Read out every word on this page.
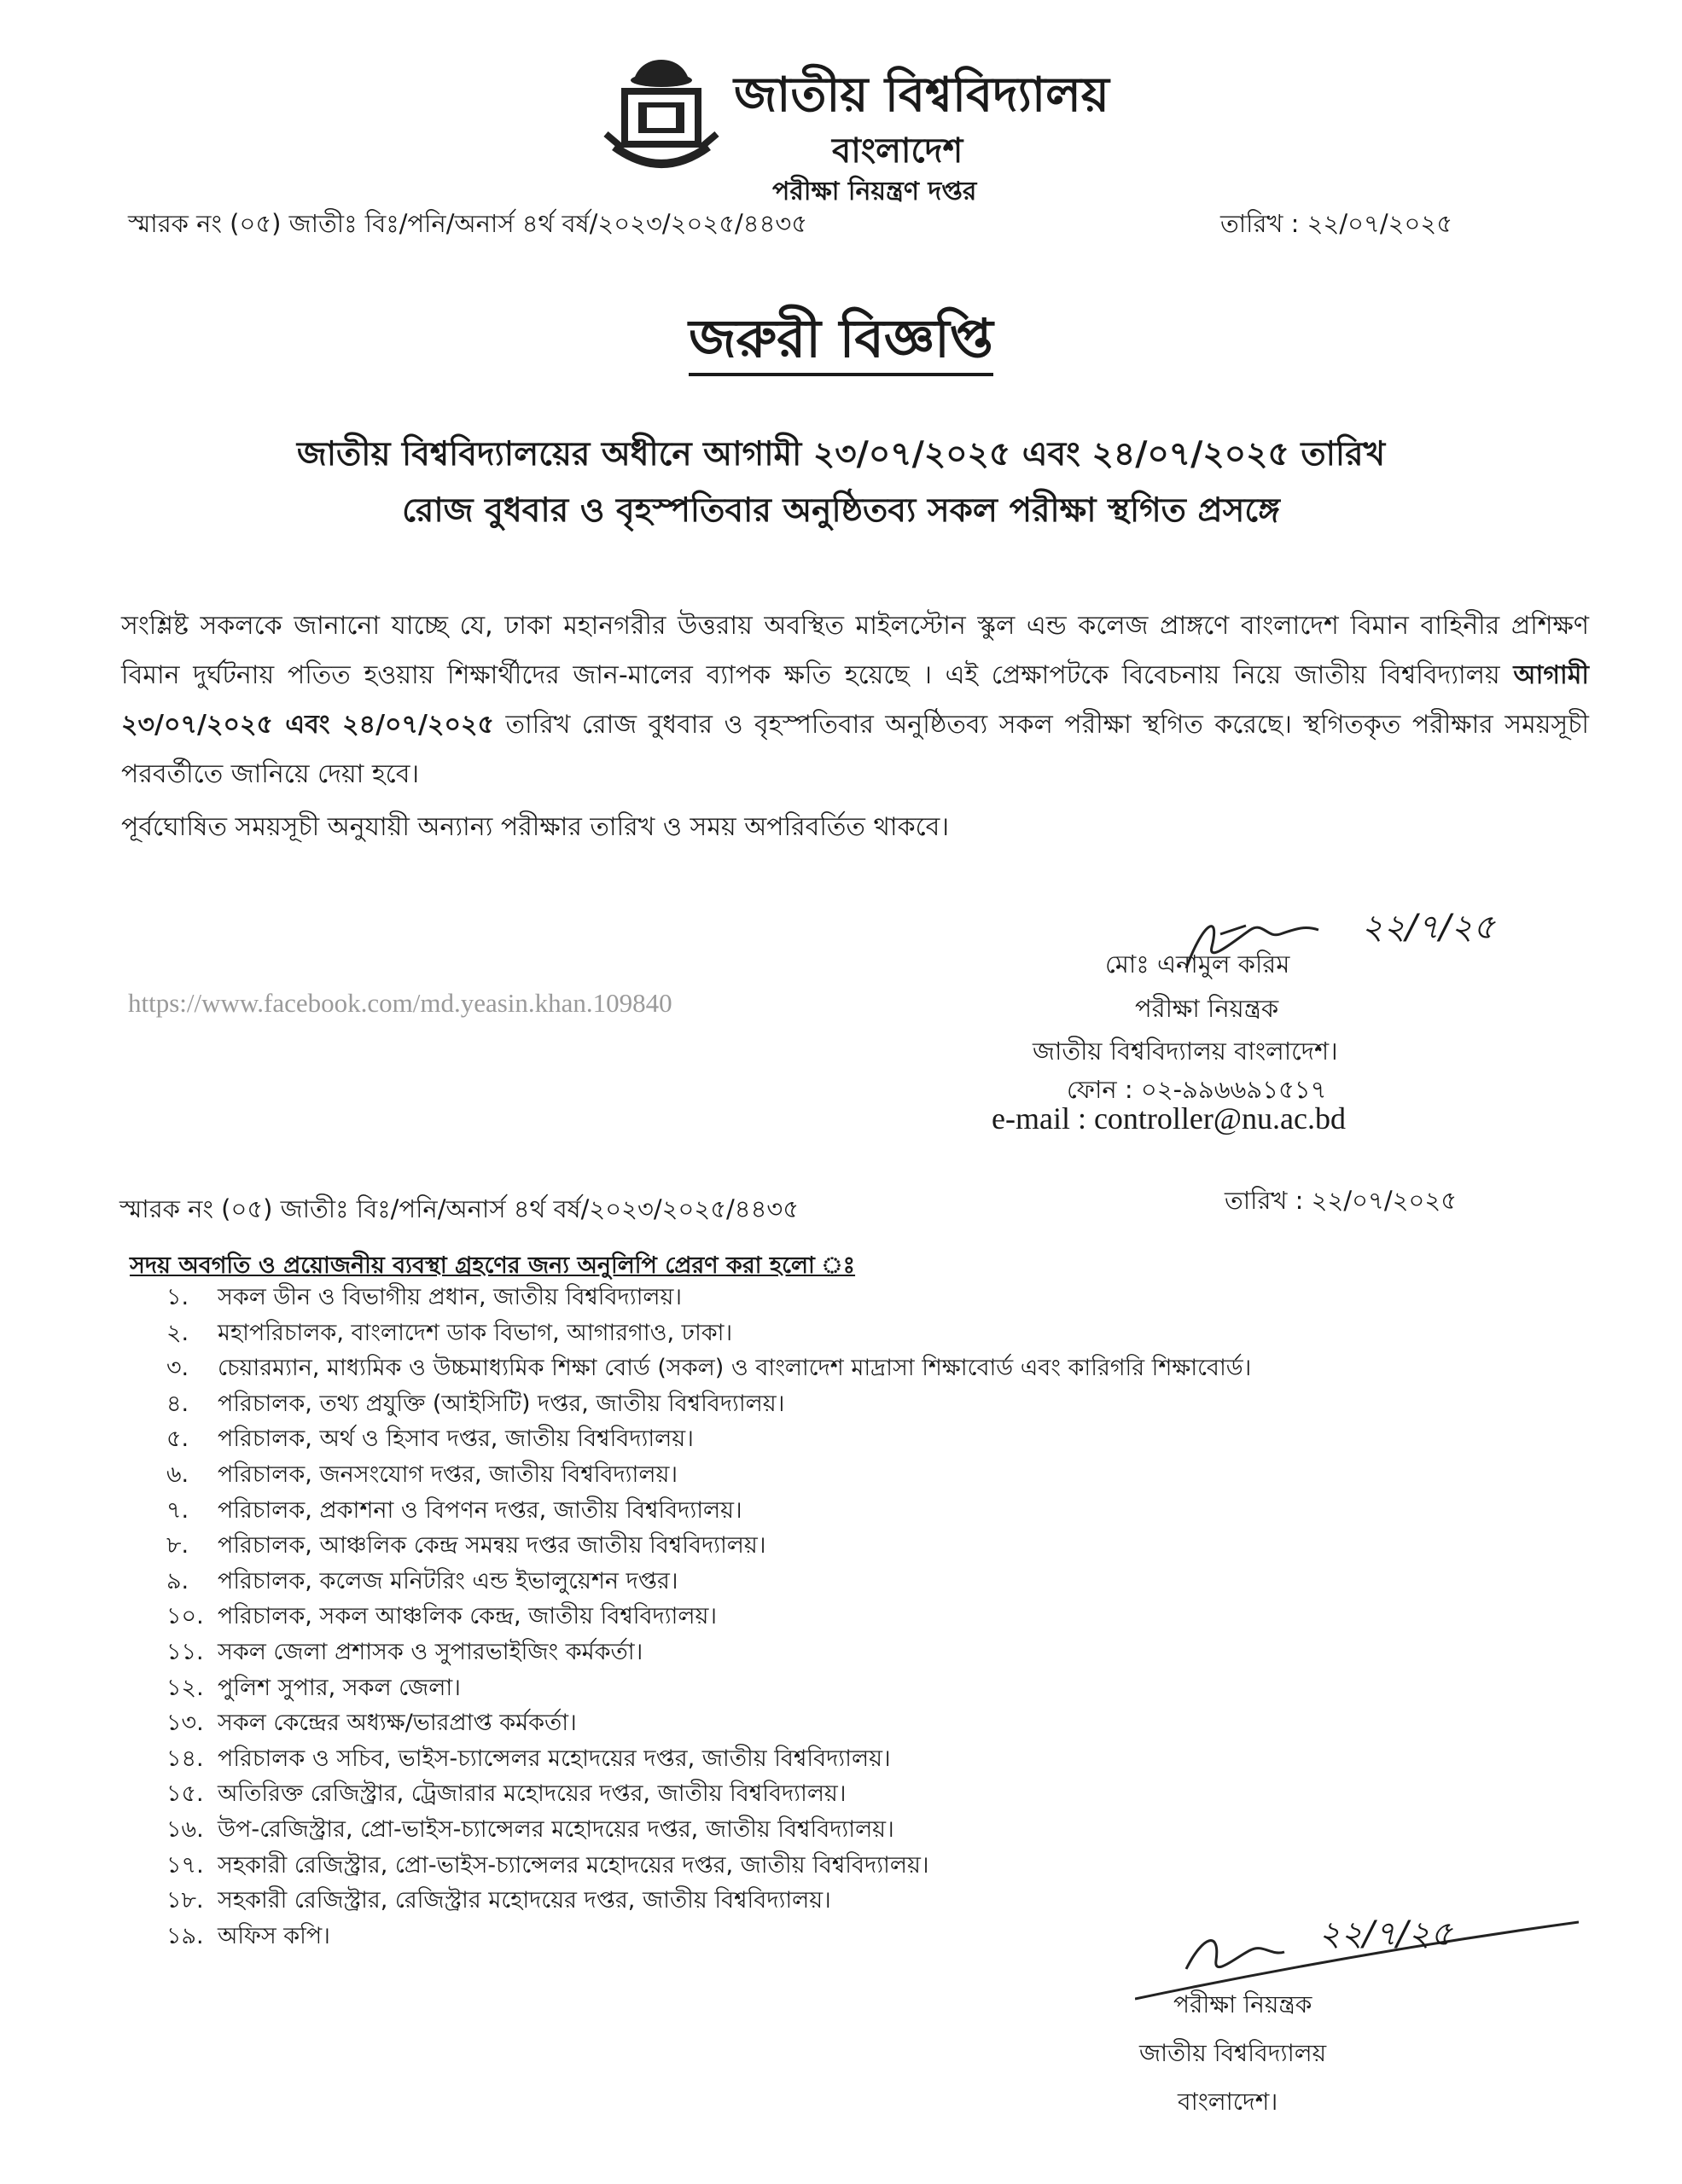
জাতীয় বিশ্ববিদ্যালয়
বাংলাদেশ
পরীক্ষা নিয়ন্ত্রণ দপ্তর
স্মারক নং (০৫) জাতীঃ বিঃ/পনি/অনার্স ৪র্থ বর্ষ/২০২৩/২০২৫/৪৪৩৫	তারিখ : ২২/০৭/২০২৫
জরুরী বিজ্ঞপ্তি
জাতীয় বিশ্ববিদ্যালয়ের অধীনে আগামী ২৩/০৭/২০২৫ এবং ২৪/০৭/২০২৫ তারিখ
রোজ বুধবার ও বৃহস্পতিবার অনুষ্ঠিতব্য সকল পরীক্ষা স্থগিত প্রসঙ্গে
সংশ্লিষ্ট সকলকে জানানো যাচ্ছে যে, ঢাকা মহানগরীর উত্তরায় অবস্থিত মাইলস্টোন স্কুল এন্ড কলেজ প্রাঙ্গণে বাংলাদেশ বিমান বাহিনীর প্রশিক্ষণ বিমান দুর্ঘটনায় পতিত হওয়ায় শিক্ষার্থীদের জান-মালের ব্যাপক ক্ষতি হয়েছে । এই প্রেক্ষাপটকে বিবেচনায় নিয়ে জাতীয় বিশ্ববিদ্যালয় আগামী ২৩/০৭/২০২৫ এবং ২৪/০৭/২০২৫ তারিখ রোজ বুধবার ও বৃহস্পতিবার অনুষ্ঠিতব্য সকল পরীক্ষা স্থগিত করেছে। স্থগিতকৃত পরীক্ষার সময়সূচী পরবর্তীতে জানিয়ে দেয়া হবে।
পূর্বঘোষিত সময়সূচী অনুযায়ী অন্যান্য পরীক্ষার তারিখ ও সময় অপরিবর্তিত থাকবে।
২২/৭/২৫
মোঃ এনামুল করিম
পরীক্ষা নিয়ন্ত্রক
জাতীয় বিশ্ববিদ্যালয় বাংলাদেশ।
ফোন : ০২-৯৯৬৬৯১৫১৭
e-mail : controller@nu.ac.bd
https://www.facebook.com/md.yeasin.khan.109840
স্মারক নং (০৫) জাতীঃ বিঃ/পনি/অনার্স ৪র্থ বর্ষ/২০২৩/২০২৫/৪৪৩৫	তারিখ : ২২/০৭/২০২৫
সদয় অবগতি ও প্রয়োজনীয় ব্যবস্থা গ্রহণের জন্য অনুলিপি প্রেরণ করা হলো ঃ
১. সকল ডীন ও বিভাগীয় প্রধান, জাতীয় বিশ্ববিদ্যালয়।
২. মহাপরিচালক, বাংলাদেশ ডাক বিভাগ, আগারগাও, ঢাকা।
৩. চেয়ারম্যান, মাধ্যমিক ও উচ্চমাধ্যমিক শিক্ষা বোর্ড (সকল) ও বাংলাদেশ মাদ্রাসা শিক্ষাবোর্ড এবং কারিগরি শিক্ষাবোর্ড।
৪. পরিচালক, তথ্য প্রযুক্তি (আইসিটি) দপ্তর, জাতীয় বিশ্ববিদ্যালয়।
৫. পরিচালক, অর্থ ও হিসাব দপ্তর, জাতীয় বিশ্ববিদ্যালয়।
৬. পরিচালক, জনসংযোগ দপ্তর, জাতীয় বিশ্ববিদ্যালয়।
৭. পরিচালক, প্রকাশনা ও বিপণন দপ্তর, জাতীয় বিশ্ববিদ্যালয়।
৮. পরিচালক, আঞ্চলিক কেন্দ্র সমন্বয় দপ্তর জাতীয় বিশ্ববিদ্যালয়।
৯. পরিচালক, কলেজ মনিটরিং এন্ড ইভালুয়েশন দপ্তর।
১০. পরিচালক, সকল আঞ্চলিক কেন্দ্র, জাতীয় বিশ্ববিদ্যালয়।
১১. সকল জেলা প্রশাসক ও সুপারভাইজিং কর্মকর্তা।
১২. পুলিশ সুপার, সকল জেলা।
১৩. সকল কেন্দ্রের অধ্যক্ষ/ভারপ্রাপ্ত কর্মকর্তা।
১৪. পরিচালক ও সচিব, ভাইস-চ্যান্সেলর মহোদয়ের দপ্তর, জাতীয় বিশ্ববিদ্যালয়।
১৫. অতিরিক্ত রেজিস্ট্রার, ট্রেজারার মহোদয়ের দপ্তর, জাতীয় বিশ্ববিদ্যালয়।
১৬. উপ-রেজিস্ট্রার, প্রো-ভাইস-চ্যান্সেলর মহোদয়ের দপ্তর, জাতীয় বিশ্ববিদ্যালয়।
১৭. সহকারী রেজিস্ট্রার, প্রো-ভাইস-চ্যান্সেলর মহোদয়ের দপ্তর, জাতীয় বিশ্ববিদ্যালয়।
১৮. সহকারী রেজিস্ট্রার, রেজিস্ট্রার মহোদয়ের দপ্তর, জাতীয় বিশ্ববিদ্যালয়।
১৯. অফিস কপি।	২২/৭/২৫
পরীক্ষা নিয়ন্ত্রক
জাতীয় বিশ্ববিদ্যালয়
বাংলাদেশ।
